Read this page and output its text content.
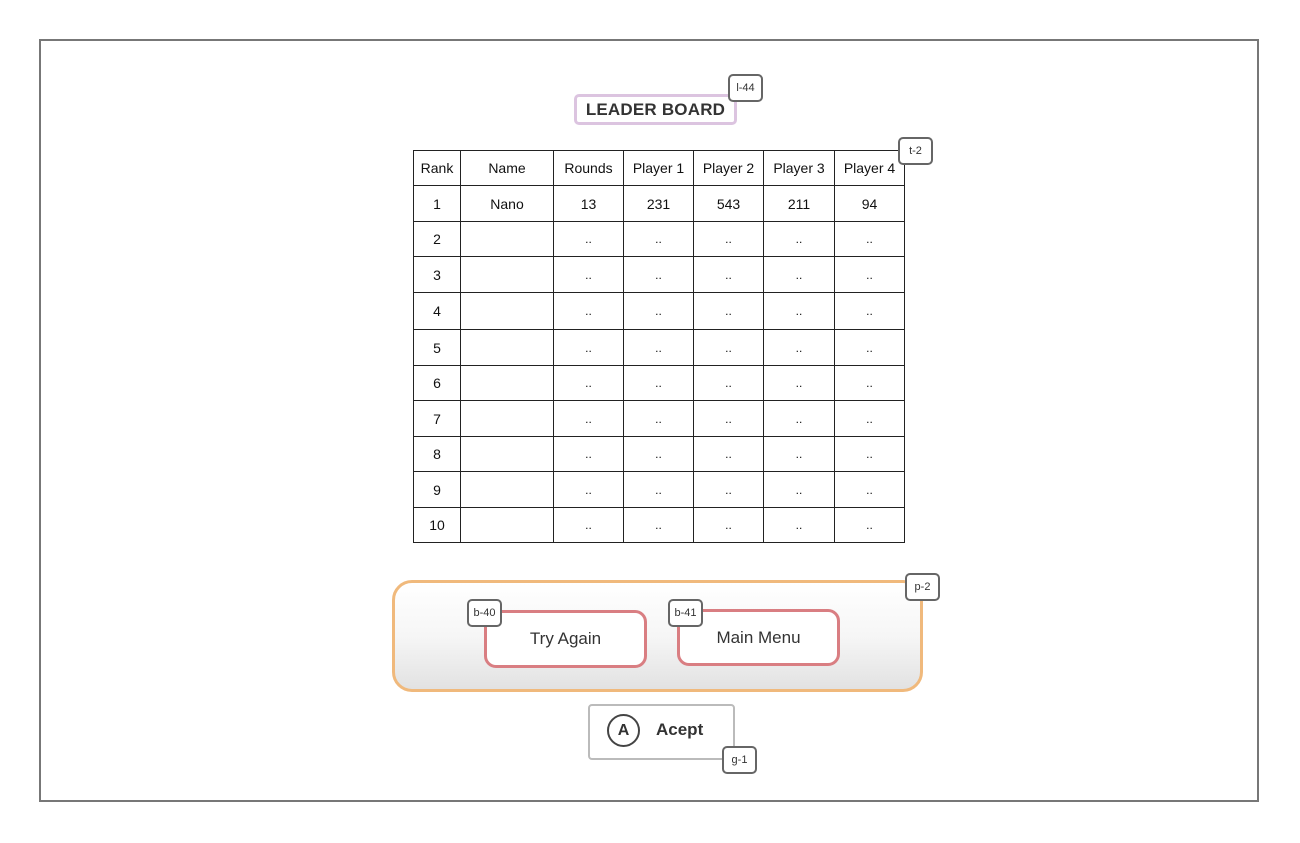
LEADER BOARD
l-44
Rank	Name	Rounds	Player 1	Player 2	Player 3	Player 4
1	Nano	13	231	543	211	94
2		..	..	..	..	..
3		..	..	..	..	..
4		..	..	..	..	..
5		..	..	..	..	..
6		..	..	..	..	..
7		..	..	..	..	..
8		..	..	..	..	..
9		..	..	..	..	..
10		..	..	..	..	..
t-2
p-2
Try Again
b-40
Main Menu
b-41
A	Acept
g-1
